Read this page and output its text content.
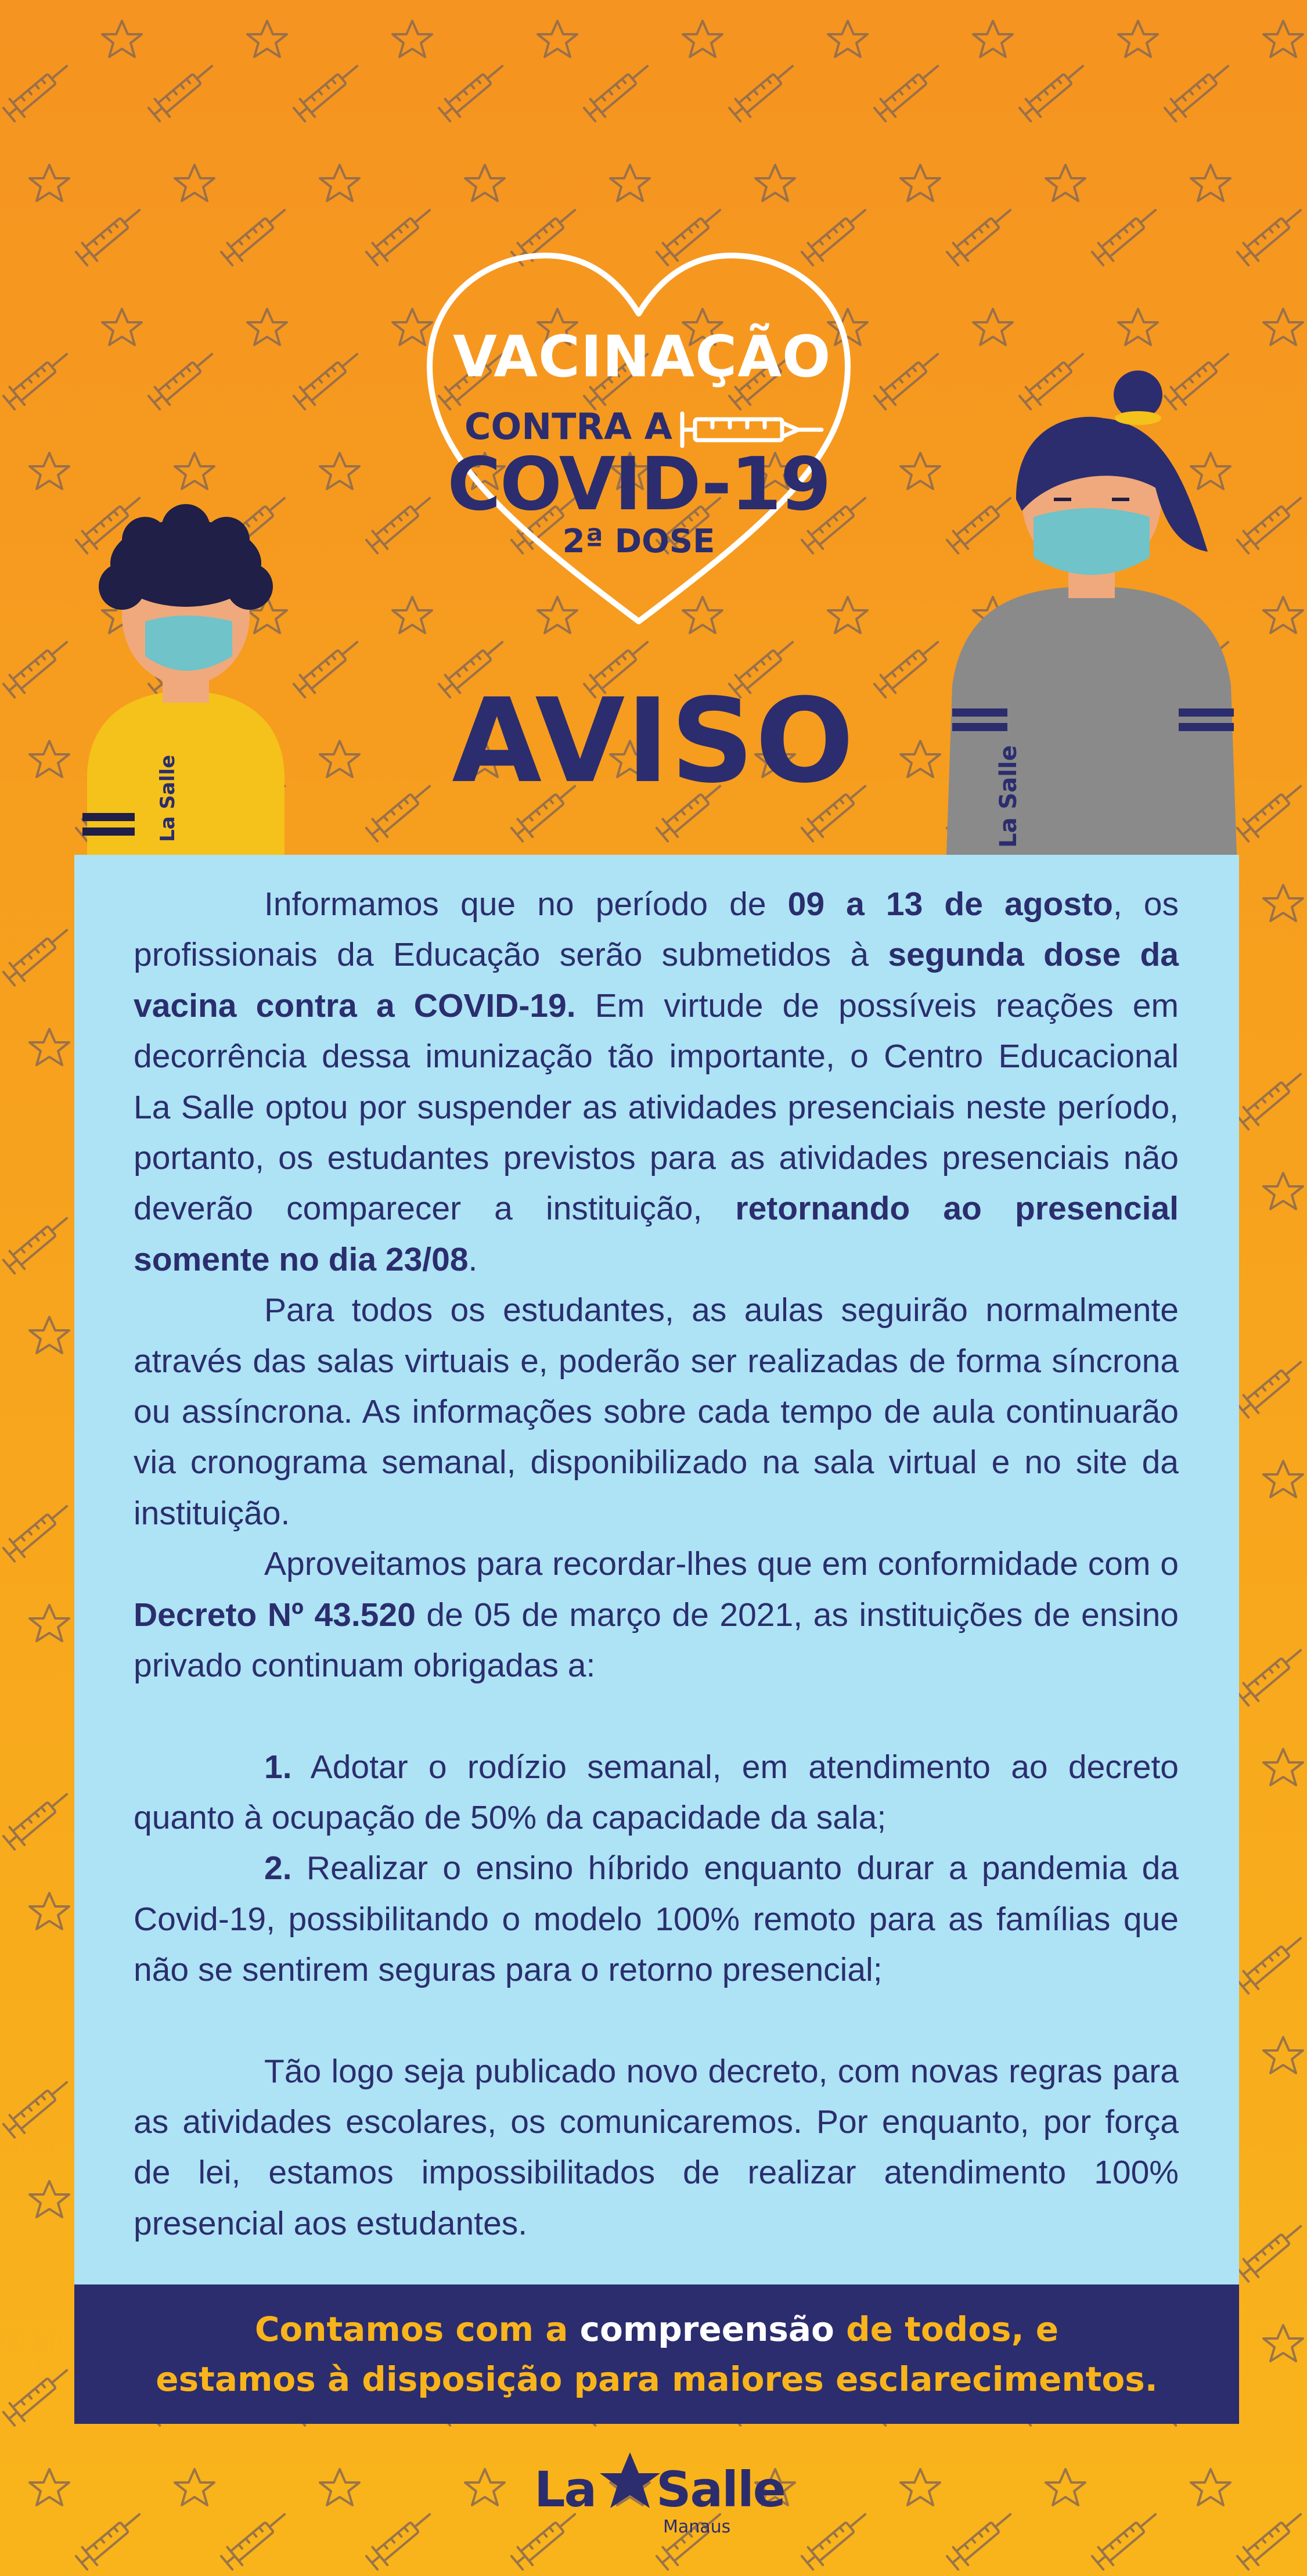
VACINAÇÃO
CONTRA A
COVID-19
2ª DOSE
La Salle	La Salle
AVISO

Informamos que no período de 09 a 13 de agosto, os profissionais da Educação serão submetidos à segunda dose da vacina contra a COVID-19. Em virtude de possíveis reações em decorrência dessa imunização tão importante, o Centro Educacional La Salle optou por suspender as atividades presenciais neste período, portanto, os estudantes previstos para as atividades presenciais não deverão comparecer a instituição, retornando ao presencial somente no dia 23/08.

Para todos os estudantes, as aulas seguirão normalmente através das salas virtuais e, poderão ser realizadas de forma síncrona ou assíncrona. As informações sobre cada tempo de aula continuarão via cronograma semanal, disponibilizado na sala virtual e no site da instituição.

Aproveitamos para recordar-lhes que em conformidade com o Decreto Nº 43.520 de 05 de março de 2021, as instituições de ensino privado continuam obrigadas a:

1. Adotar o rodízio semanal, em atendimento ao decreto quanto à ocupação de 50% da capacidade da sala;

2. Realizar o ensino híbrido enquanto durar a pandemia da Covid-19, possibilitando o modelo 100% remoto para as famílias que não se sentirem seguras para o retorno presencial;

Tão logo seja publicado novo decreto, com novas regras para as atividades escolares, os comunicaremos. Por enquanto, por força de lei, estamos impossibilitados de realizar atendimento 100% presencial aos estudantes.

Contamos com a compreensão de todos, e
estamos à disposição para maiores esclarecimentos.
La Salle
Manaus
